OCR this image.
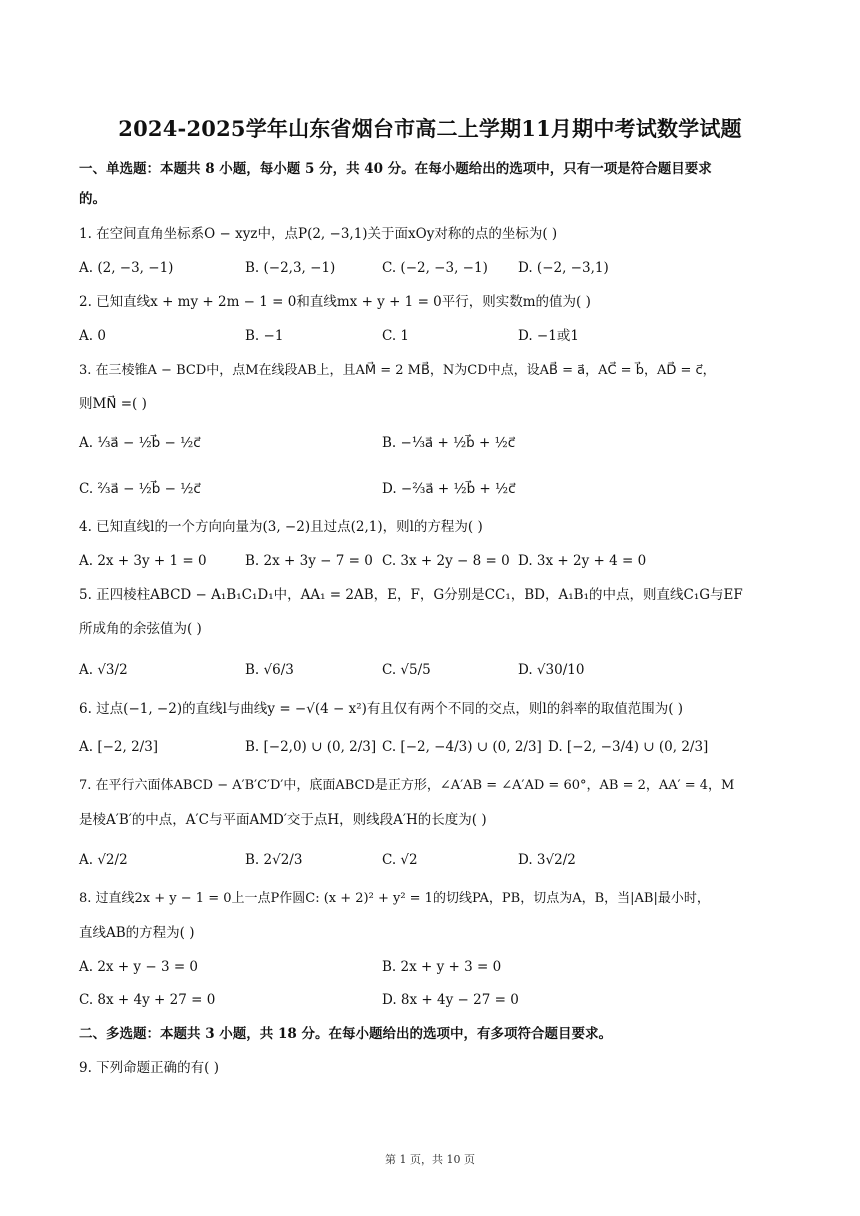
2024-2025学年山东省烟台市高二上学期11月期中考试数学试题
一、单选题：本题共 8 小题，每小题 5 分，共 40 分。在每小题给出的选项中，只有一项是符合题目要求
的。
1. 在空间直角坐标系O − xyz中，点P(2, −3,1)关于面xOy对称的点的坐标为( )
A. (2, −3, −1)	B. (−2,3, −1)	C. (−2, −3, −1) D. (−2, −3,1)
2. 已知直线x + my + 2m − 1 = 0和直线mx + y + 1 = 0平行，则实数m的值为( )
A. 0	B. −1	C. 1	D. −1或1
3. 在三棱锥A − BCD中，点M在线段AB上，且AM⃗ = 2 MB⃗，N为CD中点，设AB⃗ = a⃗，AC⃗ = b⃗，AD⃗ = c⃗，
则MN⃗ =( )
A. ⅓a⃗ − ½b⃗ − ½c⃗	B. −⅓a⃗ + ½b⃗ + ½c⃗
C. ⅔a⃗ − ½b⃗ − ½c⃗	D. −⅔a⃗ + ½b⃗ + ½c⃗
4. 已知直线l的一个方向向量为(3, −2)且过点(2,1)，则l的方程为( )
A. 2x + 3y + 1 = 0	B. 2x + 3y − 7 = 0 C. 3x + 2y − 8 = 0 D. 3x + 2y + 4 = 0
5. 正四棱柱ABCD − A₁B₁C₁D₁中，AA₁ = 2AB，E，F，G分别是CC₁，BD，A₁B₁的中点，则直线C₁G与EF
所成角的余弦值为( )
A. √3/2	B. √6/3	C. √5/5	D. √30/10
6. 过点(−1, −2)的直线l与曲线y = −√(4 − x²)有且仅有两个不同的交点，则l的斜率的取值范围为( )
A. [−2, 2/3]	B. [−2,0) ∪ (0, 2/3] C. [−2, −4/3) ∪ (0, 2/3] D. [−2, −3/4) ∪ (0, 2/3]
7. 在平行六面体ABCD − A′B′C′D′中，底面ABCD是正方形，∠A′AB = ∠A′AD = 60°，AB = 2，AA′ = 4，M
是棱A′B′的中点，A′C与平面AMD′交于点H，则线段A′H的长度为( )
A. √2/2	B. 2√2/3	C. √2	D. 3√2/2
8. 过直线2x + y − 1 = 0上一点P作圆C: (x + 2)² + y² = 1的切线PA，PB，切点为A，B，当|AB|最小时，
直线AB的方程为( )
A. 2x + y − 3 = 0	B. 2x + y + 3 = 0
C. 8x + 4y + 27 = 0	D. 8x + 4y − 27 = 0
二、多选题：本题共 3 小题，共 18 分。在每小题给出的选项中，有多项符合题目要求。
9. 下列命题正确的有( )
第 1 页，共 10 页
